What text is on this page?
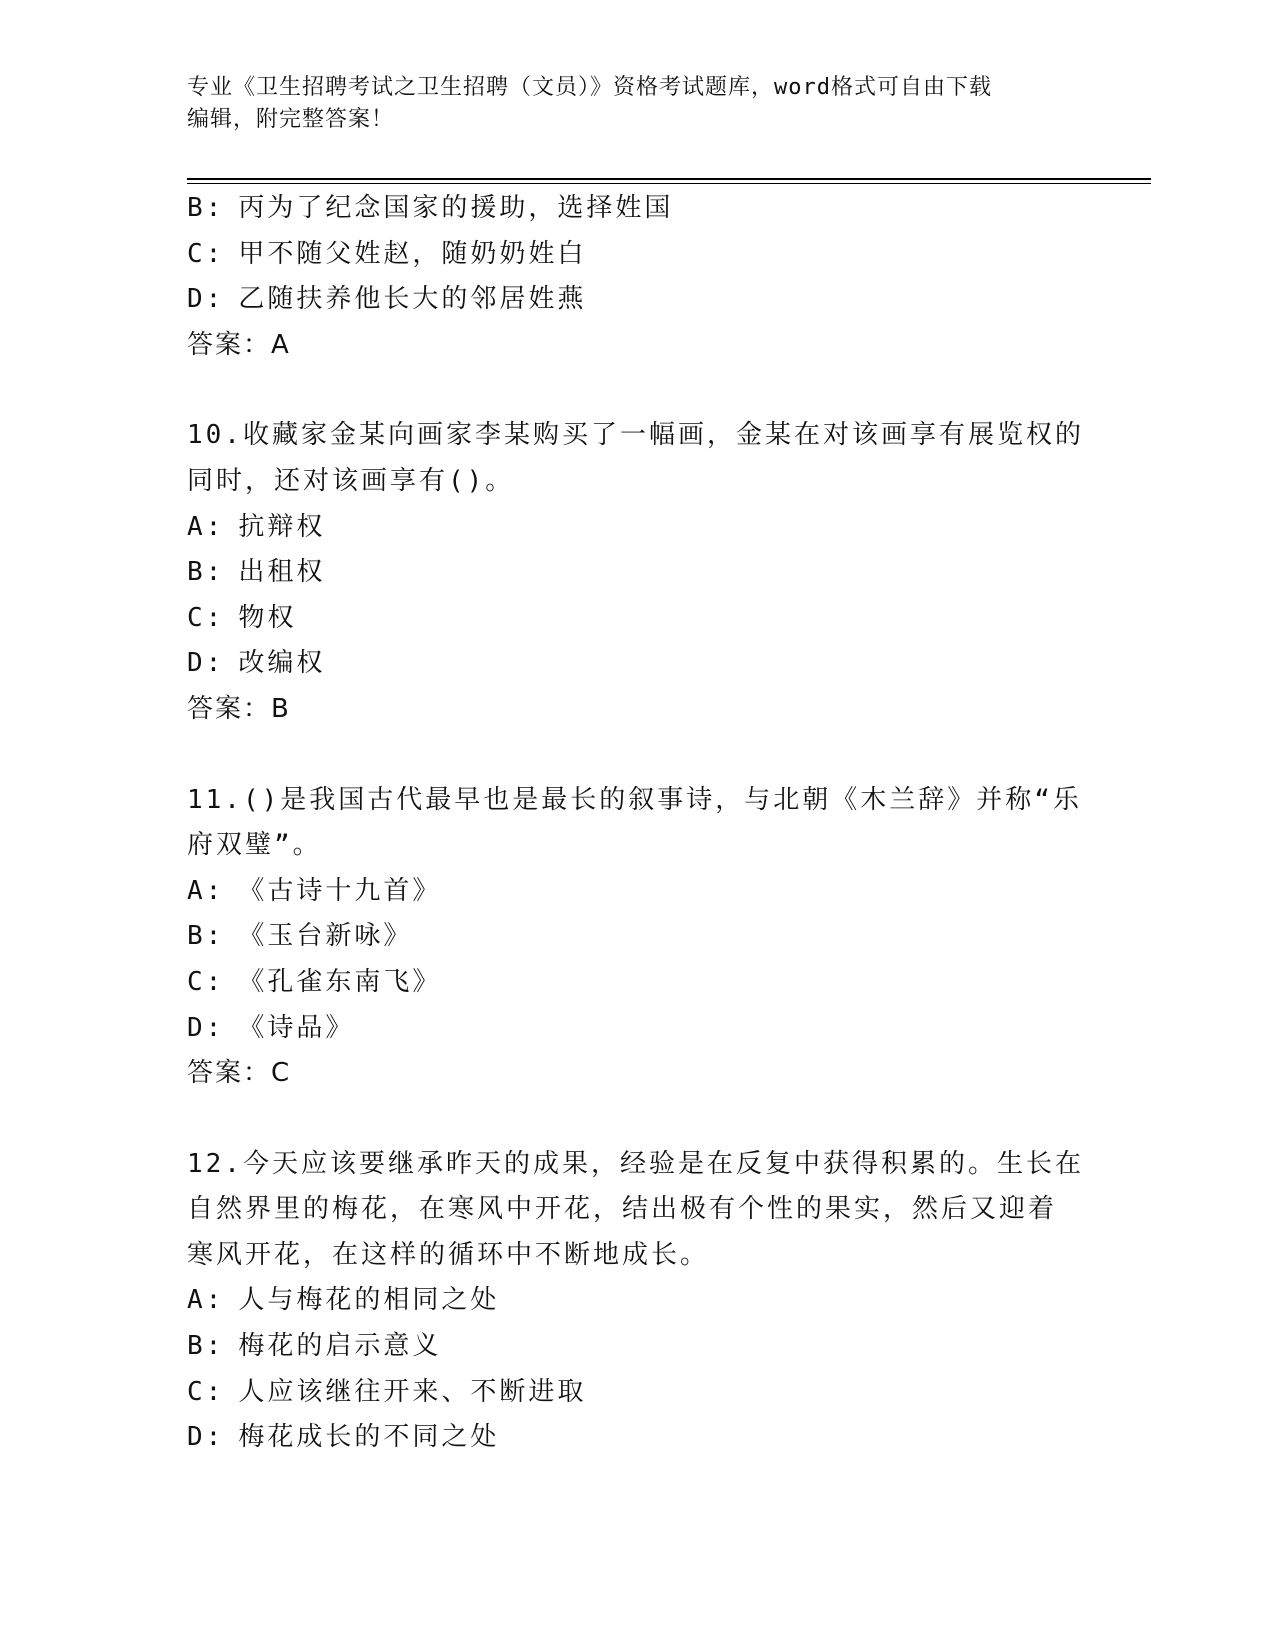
专业《卫生招聘考试之卫生招聘（文员）》资格考试题库，word格式可自由下载
编辑，附完整答案！
B: 丙为了纪念国家的援助，选择姓国
C: 甲不随父姓赵，随奶奶姓白
D: 乙随扶养他长大的邻居姓燕
答案：A
10.收藏家金某向画家李某购买了一幅画，金某在对该画享有展览权的
同时，还对该画享有()。
A: 抗辩权
B: 出租权
C: 物权
D: 改编权
答案：B
11.()是我国古代最早也是最长的叙事诗，与北朝《木兰辞》并称“乐
府双璧”。
A: 《古诗十九首》
B: 《玉台新咏》
C: 《孔雀东南飞》
D: 《诗品》
答案：C
12.今天应该要继承昨天的成果，经验是在反复中获得积累的。生长在
自然界里的梅花，在寒风中开花，结出极有个性的果实，然后又迎着
寒风开花，在这样的循环中不断地成长。
A: 人与梅花的相同之处
B: 梅花的启示意义
C: 人应该继往开来、不断进取
D: 梅花成长的不同之处
